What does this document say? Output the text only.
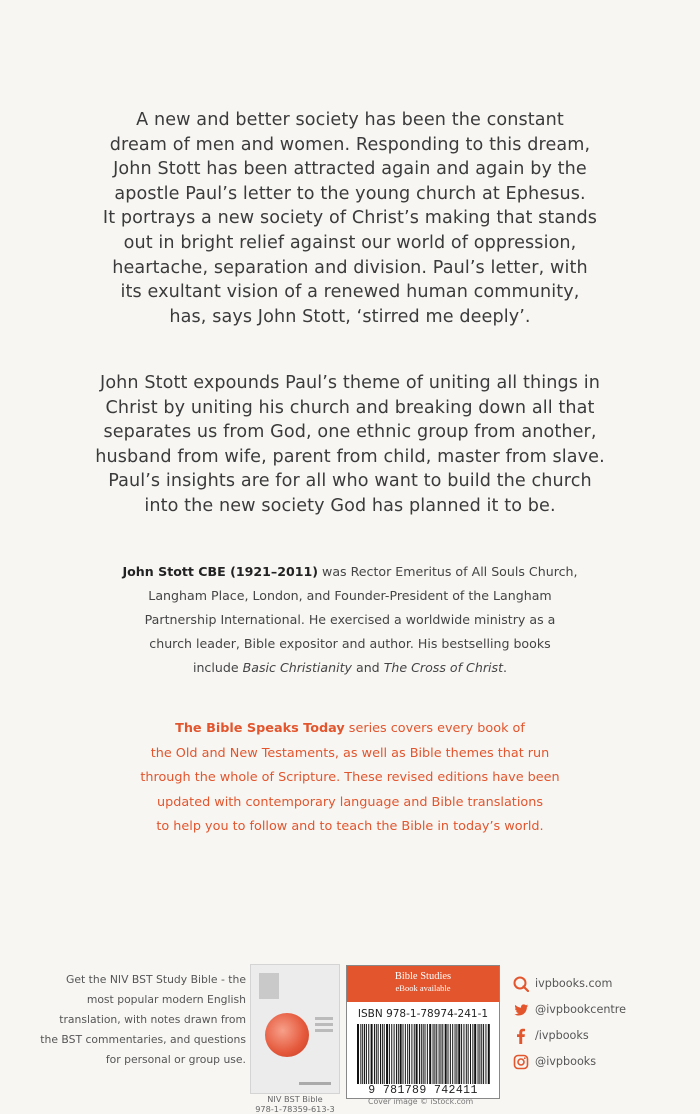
A new and better society has been the constant
dream of men and women. Responding to this dream,
John Stott has been attracted again and again by the
apostle Paul’s letter to the young church at Ephesus.
It portrays a new society of Christ’s making that stands
out in bright relief against our world of oppression,
heartache, separation and division. Paul’s letter, with
its exultant vision of a renewed human community,
has, says John Stott, ‘stirred me deeply’.

John Stott expounds Paul’s theme of uniting all things in
Christ by uniting his church and breaking down all that
separates us from God, one ethnic group from another,
husband from wife, parent from child, master from slave.
Paul’s insights are for all who want to build the church
into the new society God has planned it to be.

John Stott CBE (1921–2011) was Rector Emeritus of All Souls Church,
Langham Place, London, and Founder-President of the Langham
Partnership International. He exercised a worldwide ministry as a
church leader, Bible expositor and author. His bestselling books
include Basic Christianity and The Cross of Christ.

The Bible Speaks Today series covers every book of
the Old and New Testaments, as well as Bible themes that run
through the whole of Scripture. These revised editions have been
updated with contemporary language and Bible translations
to help you to follow and to teach the Bible in today’s world.

Get the NIV BST Study Bible - the
most popular modern English
translation, with notes drawn from
the BST commentaries, and questions
for personal or group use.

NIV BST Bible
978-1-78359-613-3
Bible Studies
eBook available
ISBN 978-1-78974-241-1
9 781789 742411
Cover image © iStock.com
ivpbooks.com
@ivpbookcentre
/ivpbooks
@ivpbooks
